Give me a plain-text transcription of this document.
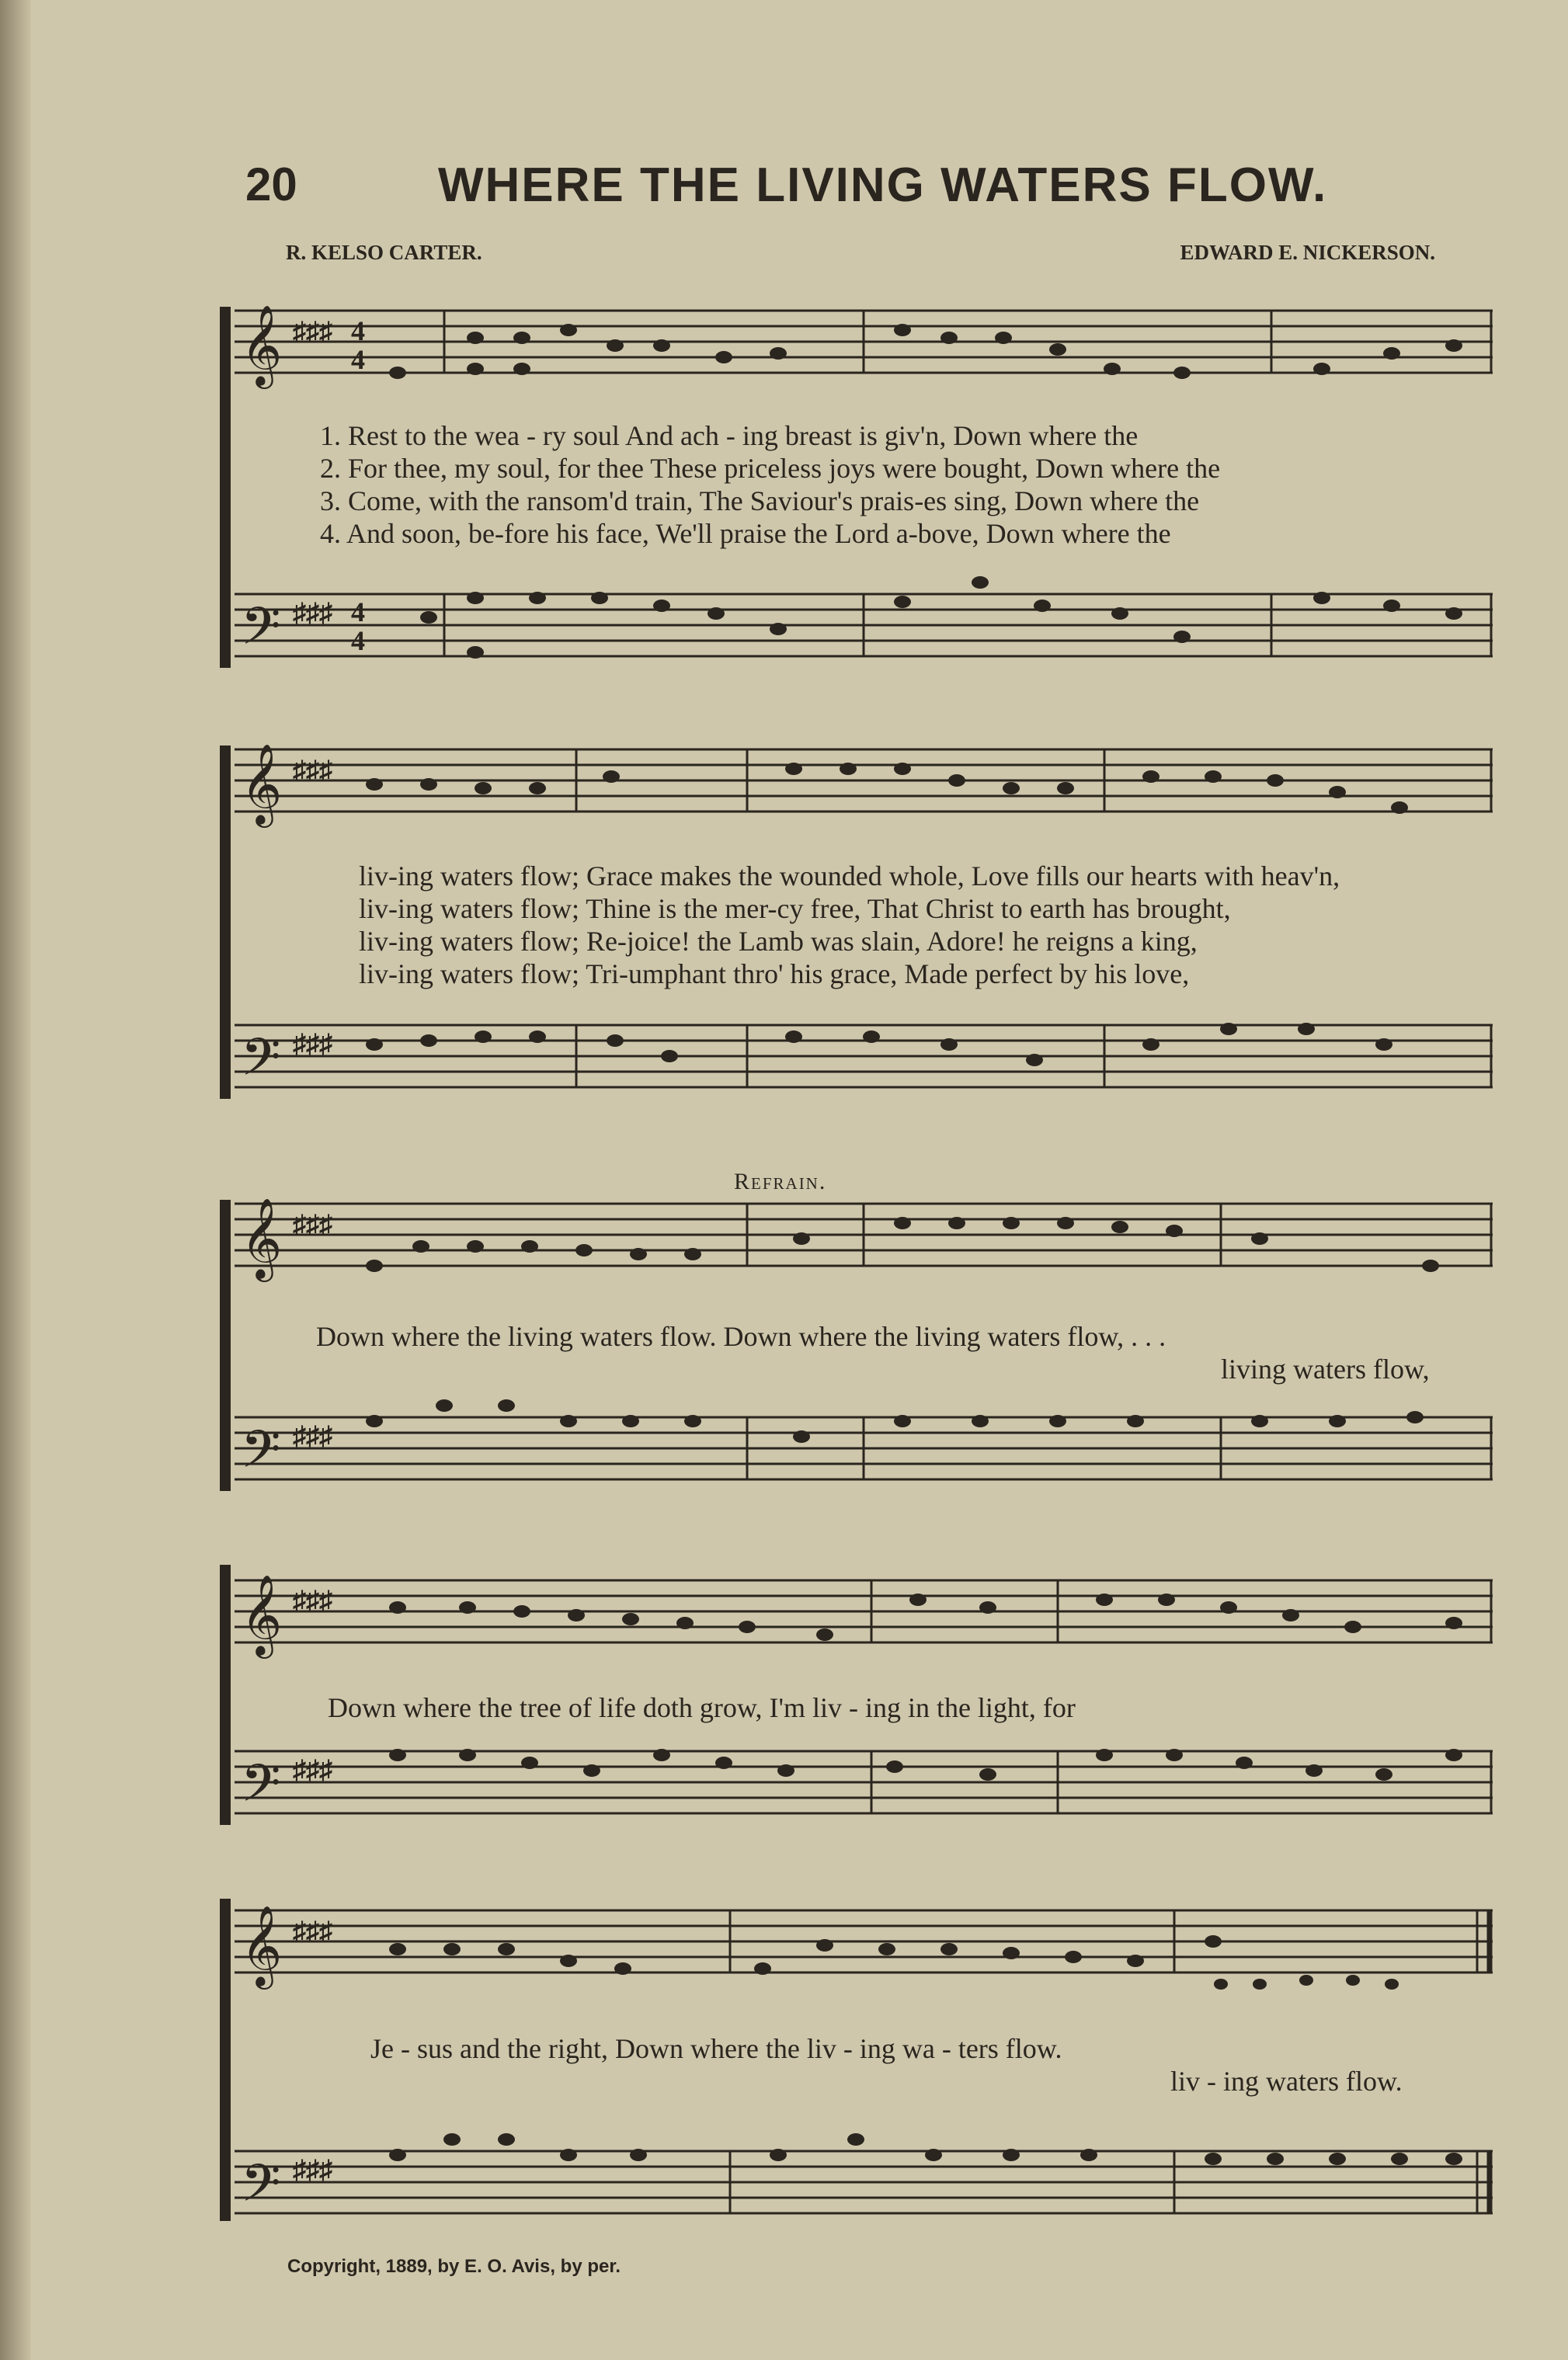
20	WHERE THE LIVING WATERS FLOW.
R. KELSO CARTER.	EDWARD E. NICKERSON.
𝄞
𝄢
♯♯♯
♯♯♯
4
4
4
4
1. Rest to the wea - ry soul And ach - ing breast is giv'n, Down where the
2. For thee, my soul, for thee These priceless joys were bought, Down where the
3. Come, with the ransom'd train, The Saviour's prais-es sing, Down where the
4. And soon, be-fore his face, We'll praise the Lord a-bove, Down where the
𝄞
𝄢
♯♯♯
♯♯♯
liv-ing waters flow; Grace makes the wounded whole, Love fills our hearts with heav'n,
liv-ing waters flow; Thine is the mer-cy free, That Christ to earth has brought,
liv-ing waters flow; Re-joice! the Lamb was slain, Adore! he reigns a king,
liv-ing waters flow; Tri-umphant thro' his grace, Made perfect by his love,
Refrain.
𝄞
𝄢
♯♯♯
♯♯♯
Down where the living waters flow. Down where the living waters flow, . . .
living waters flow,
𝄞
𝄢
♯♯♯
♯♯♯
Down where the tree of life doth grow, I'm liv - ing in the light, for
𝄞
𝄢
♯♯♯
♯♯♯
Je - sus and the right, Down where the liv - ing wa - ters flow.
liv - ing waters flow.
Copyright, 1889, by E. O. Avis, by per.
